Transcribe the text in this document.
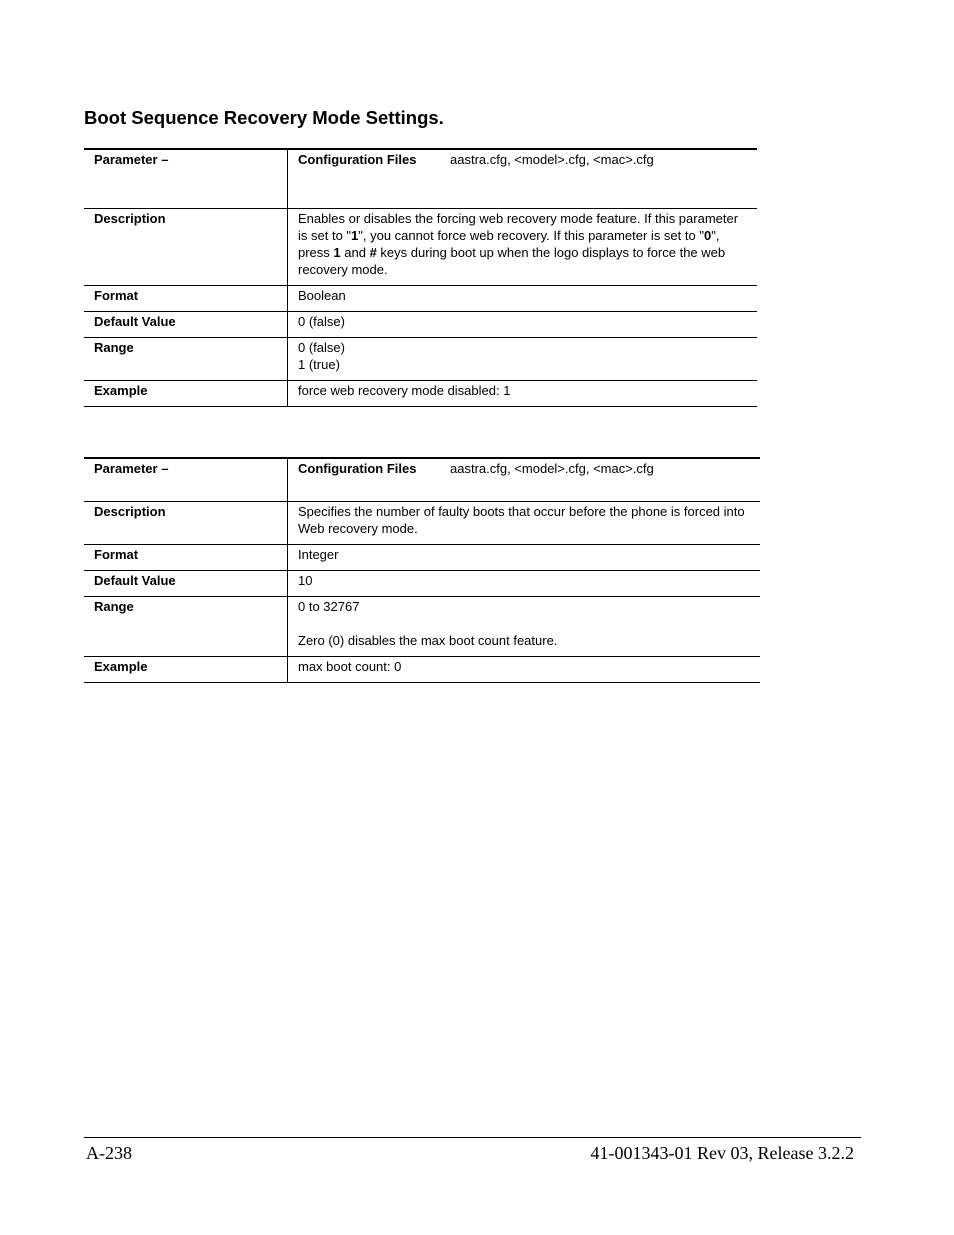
Boot Sequence Recovery Mode Settings.
Parameter –	Configuration Files aastra.cfg, <model>.cfg, <mac>.cfg
Description	Enables or disables the forcing web recovery mode feature. If this parameter is set to "1", you cannot force web recovery. If this parameter is set to "0", press 1 and # keys during boot up when the logo displays to force the web recovery mode.
Format	Boolean
Default Value	0 (false)
Range	0 (false)
1 (true)

Example	force web recovery mode disabled: 1
Parameter –	Configuration Files aastra.cfg, <model>.cfg, <mac>.cfg
Description	Specifies the number of faulty boots that occur before the phone is forced into Web recovery mode.
Format	Integer
Default Value	10
Range	0 to 32767
Zero (0) disables the max boot count feature.

Example	max boot count: 0
A-238	41-001343-01 Rev 03, Release 3.2.2
